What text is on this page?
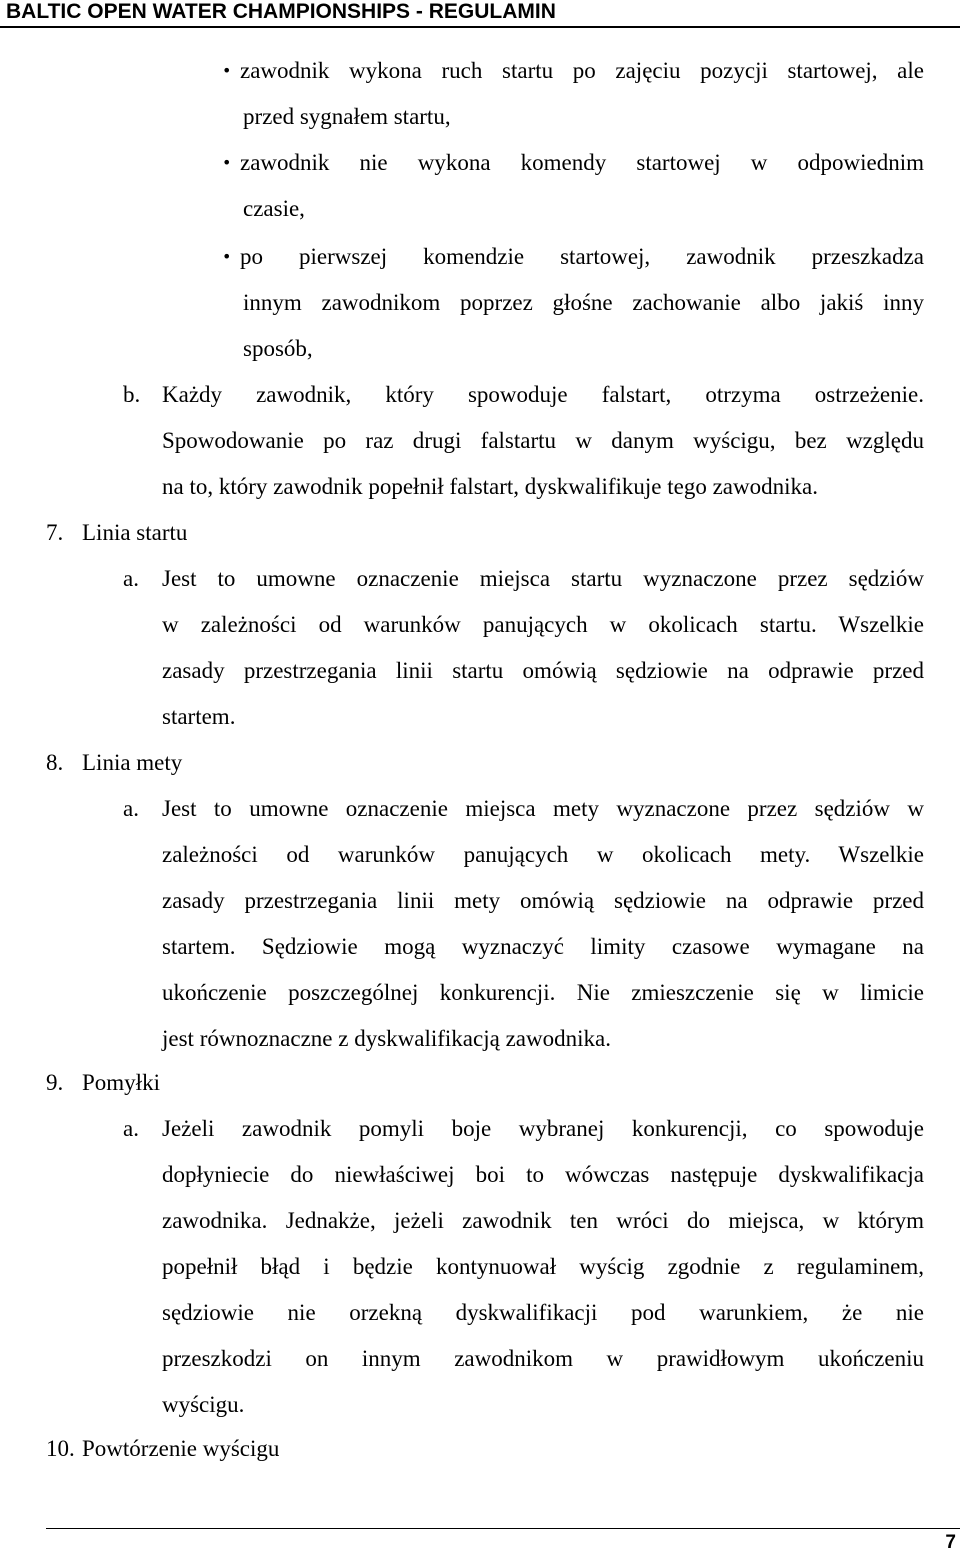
BALTIC OPEN WATER CHAMPIONSHIPS - REGULAMIN
• zawodnik wykona ruch startu po zajęciu pozycji startowej, ale
przed sygnałem startu,
• zawodnik nie wykona komendy startowej w odpowiednim
czasie,
• po pierwszej komendzie startowej, zawodnik przeszkadza
innym zawodnikom poprzez głośne zachowanie albo jakiś inny
sposób,
b. Każdy zawodnik, który spowoduje falstart, otrzyma ostrzeżenie.
Spowodowanie po raz drugi falstartu w danym wyścigu, bez względu
na to, który zawodnik popełnił falstart, dyskwalifikuje tego zawodnika.
7. Linia startu
a. Jest to umowne oznaczenie miejsca startu wyznaczone przez sędziów
w zależności od warunków panujących w okolicach startu. Wszelkie
zasady przestrzegania linii startu omówią sędziowie na odprawie przed
startem.
8. Linia mety
a. Jest to umowne oznaczenie miejsca mety wyznaczone przez sędziów w
zależności od warunków panujących w okolicach mety. Wszelkie
zasady przestrzegania linii mety omówią sędziowie na odprawie przed
startem. Sędziowie mogą wyznaczyć limity czasowe wymagane na
ukończenie poszczególnej konkurencji. Nie zmieszczenie się w limicie
jest równoznaczne z dyskwalifikacją zawodnika.
9. Pomyłki
a. Jeżeli zawodnik pomyli boje wybranej konkurencji, co spowoduje
dopłyniecie do niewłaściwej boi to wówczas następuje dyskwalifikacja
zawodnika. Jednakże, jeżeli zawodnik ten wróci do miejsca, w którym
popełnił błąd i będzie kontynuował wyścig zgodnie z regulaminem,
sędziowie nie orzekną dyskwalifikacji pod warunkiem, że nie
przeszkodzi on innym zawodnikom w prawidłowym ukończeniu
wyścigu.
10. Powtórzenie wyścigu
7
